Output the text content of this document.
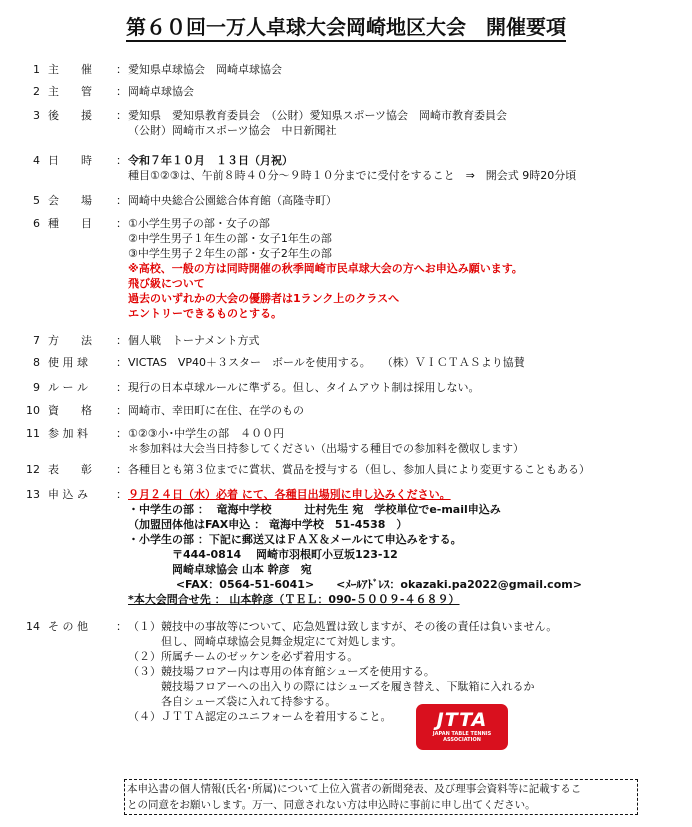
第６０回一万人卓球大会岡崎地区大会　開催要項
1 主　　催	： 愛知県卓球協会　岡崎卓球協会
2 主　　管	： 岡崎卓球協会
3 後　　援	： 愛知県　愛知県教育委員会　（公財）愛知県スポーツ協会　岡崎市教育委員会
（公財）岡崎市スポーツ協会　中日新聞社
4 日　　時	： 令和７年１０月　１３日（月祝）
種目①②③は、午前８時４０分～９時１０分までに受付をすること　⇒　開会式 9時20分頃
5 会　　場	： 岡崎中央総合公園総合体育館（高隆寺町）
6 種　　目	： ①小学生男子の部・女子の部
②中学生男子１年生の部・女子1年生の部
③中学生男子２年生の部・女子2年生の部
※高校、一般の方は同時開催の秋季岡崎市民卓球大会の方へお申込み願います。
飛び級について
過去のいずれかの大会の優勝者は1ランク上のクラスへ
エントリーできるものとする。
7 方　　法	： 個人戦　トーナメント方式
8 使 用 球	： VICTAS　VP40＋３スター　ボールを使用する。　　（株）ＶＩＣＴＡＳより協賛
9 ル ー ル	： 現行の日本卓球ルールに準ずる。但し、タイムアウト制は採用しない。
10 資　　格	： 岡崎市、幸田町に在住、在学のもの
11 参 加 料	： ①②③小･中学生の部　４００円
＊参加料は大会当日持参してください（出場する種目での参加料を徴収します）
12 表　　彰	： 各種目とも第３位までに賞状、賞品を授与する（但し、参加人員により変更することもある）
13 申 込 み	： ９月２４日（水）必着 にて、各種目出場別に申し込みください。
・中学生の部 ：  竜海中学校　　　辻村先生 宛　学校単位でe-mail申込み
（加盟団体他はFAX申込 ： 竜海中学校　51-4538　）
・小学生の部 ：下記に郵送又はＦＡＸ＆メールにて申込みをする。
　　　　〒444-0814　 岡崎市羽根町小豆坂123-12
　　　　岡崎卓球協会 山本 幹彦　宛
　　　　 <FAX：0564-51-6041>　　<ﾒｰﾙｱﾄﾞﾚｽ：okazaki.pa2022@gmail.com>
*本大会問合せ先 ： 山本幹彦（ＴＥＬ：090-５００９-４６８９）
14 そ の 他	： （１）競技中の事故等について、応急処置は致しますが、その後の責任は負いません。
　　　但し、岡崎卓球協会見舞金規定にて対処します。
（２）所属チームのゼッケンを必ず着用する。
（３）競技場フロアー内は専用の体育館シューズを使用する。
　　　競技場フロアーへの出入りの際にはシューズを履き替え、下駄箱に入れるか
　　　各自シューズ袋に入れて持参する。
（４）ＪＴＴＡ認定のユニフォームを着用すること。	JTTA
JAPAN TABLE TENNIS
ASSOCIATION
本申込書の個人情報(氏名･所属)について上位入賞者の新聞発表、及び理事会資料等に記載するこ
との同意をお願いします。万一、同意されない方は申込時に事前に申し出てください。
